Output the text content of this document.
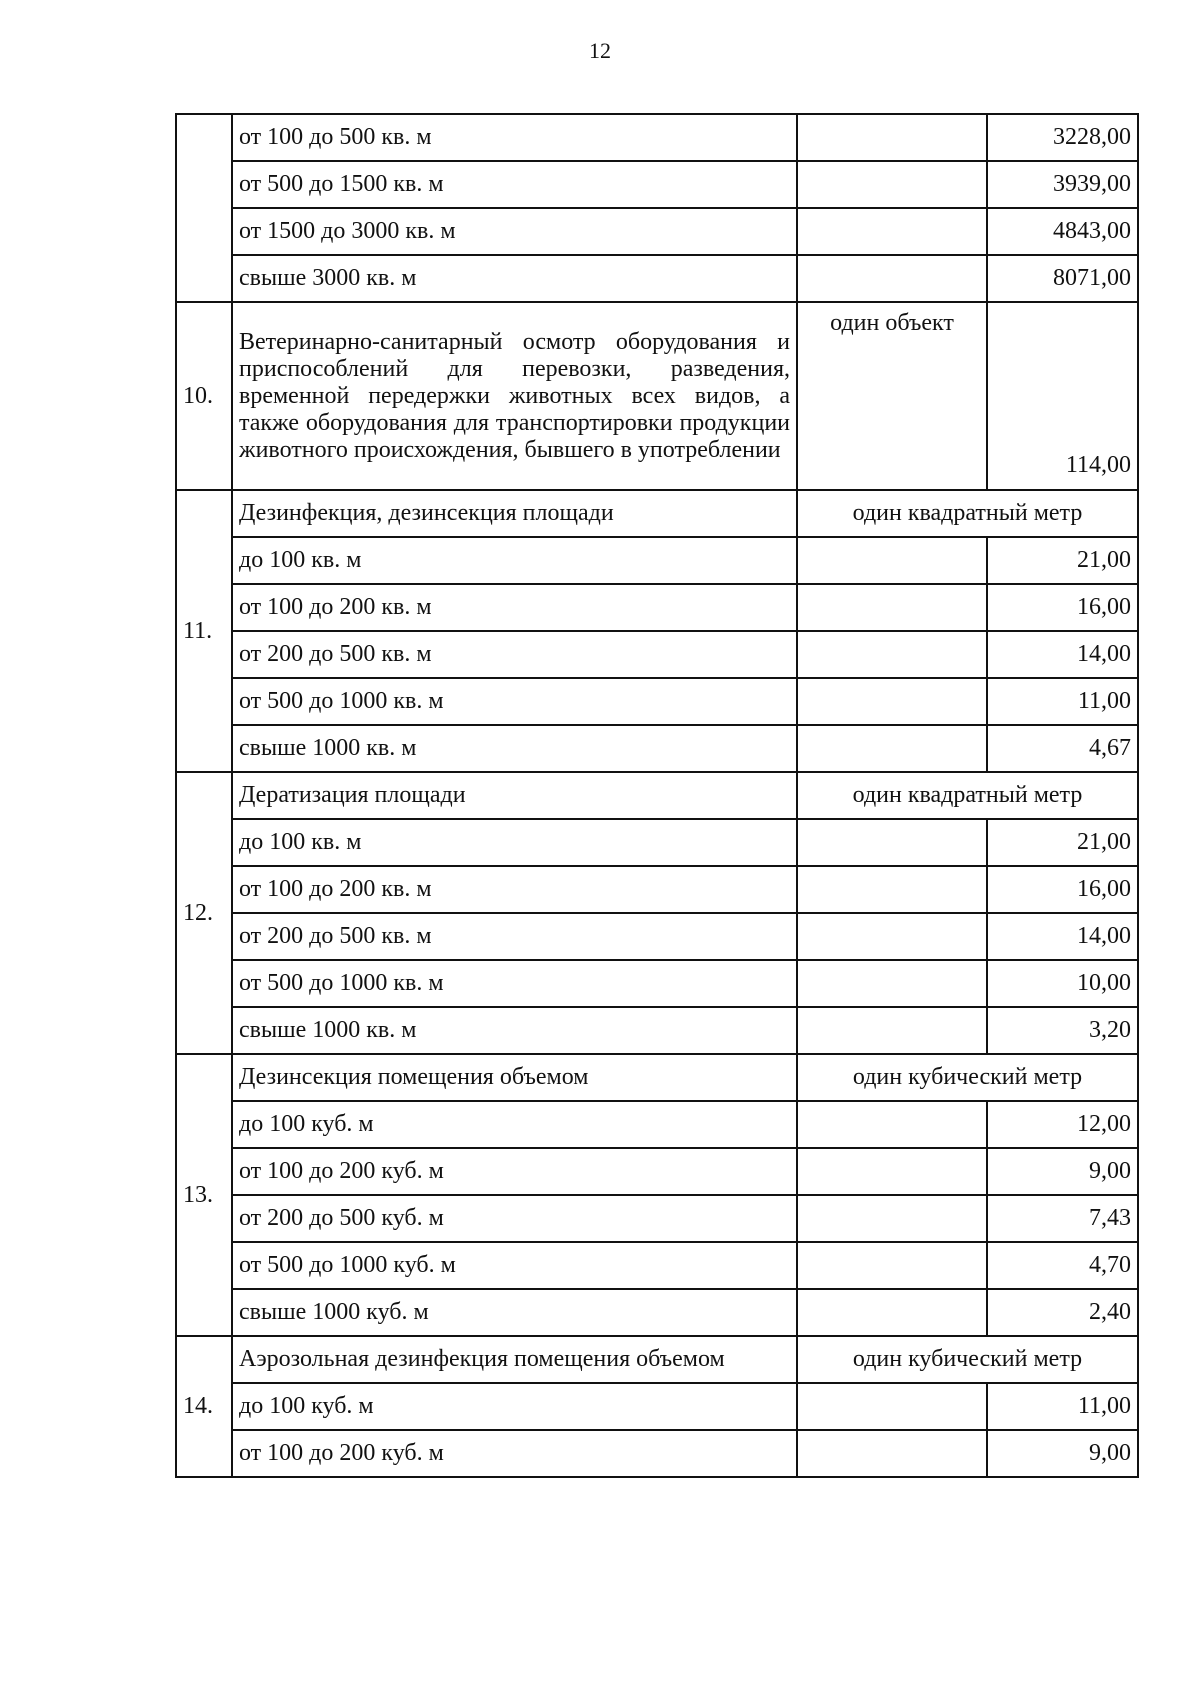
12
	от 100 до 500 кв. м		3228,00
	от 500 до 1500 кв. м		3939,00
	от 1500 до 3000 кв. м		4843,00
	свыше 3000 кв. м		8071,00
10.	Ветеринарно-санитарный осмотр оборудования и приспособлений для перевозки, разведения, временной передержки животных всех видов, а также оборудования для транспортировки продукции животного происхождения, бывшего в употреблении	один объект	114,00
11.	Дезинфекция, дезинсекция площади	один квадратный метр	
	до 100 кв. м		21,00
	от 100 до 200 кв. м		16,00
	от 200 до 500 кв. м		14,00
	от 500 до 1000 кв. м		11,00
	свыше 1000 кв. м		4,67
12.	Дератизация площади	один квадратный метр	
	до 100 кв. м		21,00
	от 100 до 200 кв. м		16,00
	от 200 до 500 кв. м		14,00
	от 500 до 1000 кв. м		10,00
	свыше 1000 кв. м		3,20
13.	Дезинсекция помещения объемом	один кубический метр	
	до 100 куб. м		12,00
	от 100 до 200 куб. м		9,00
	от 200 до 500 куб. м		7,43
	от 500 до 1000 куб. м		4,70
	свыше 1000 куб. м		2,40
14.	Аэрозольная дезинфекция помещения объемом	один кубический метр	
	до 100 куб. м		11,00
	от 100 до 200 куб. м		9,00
